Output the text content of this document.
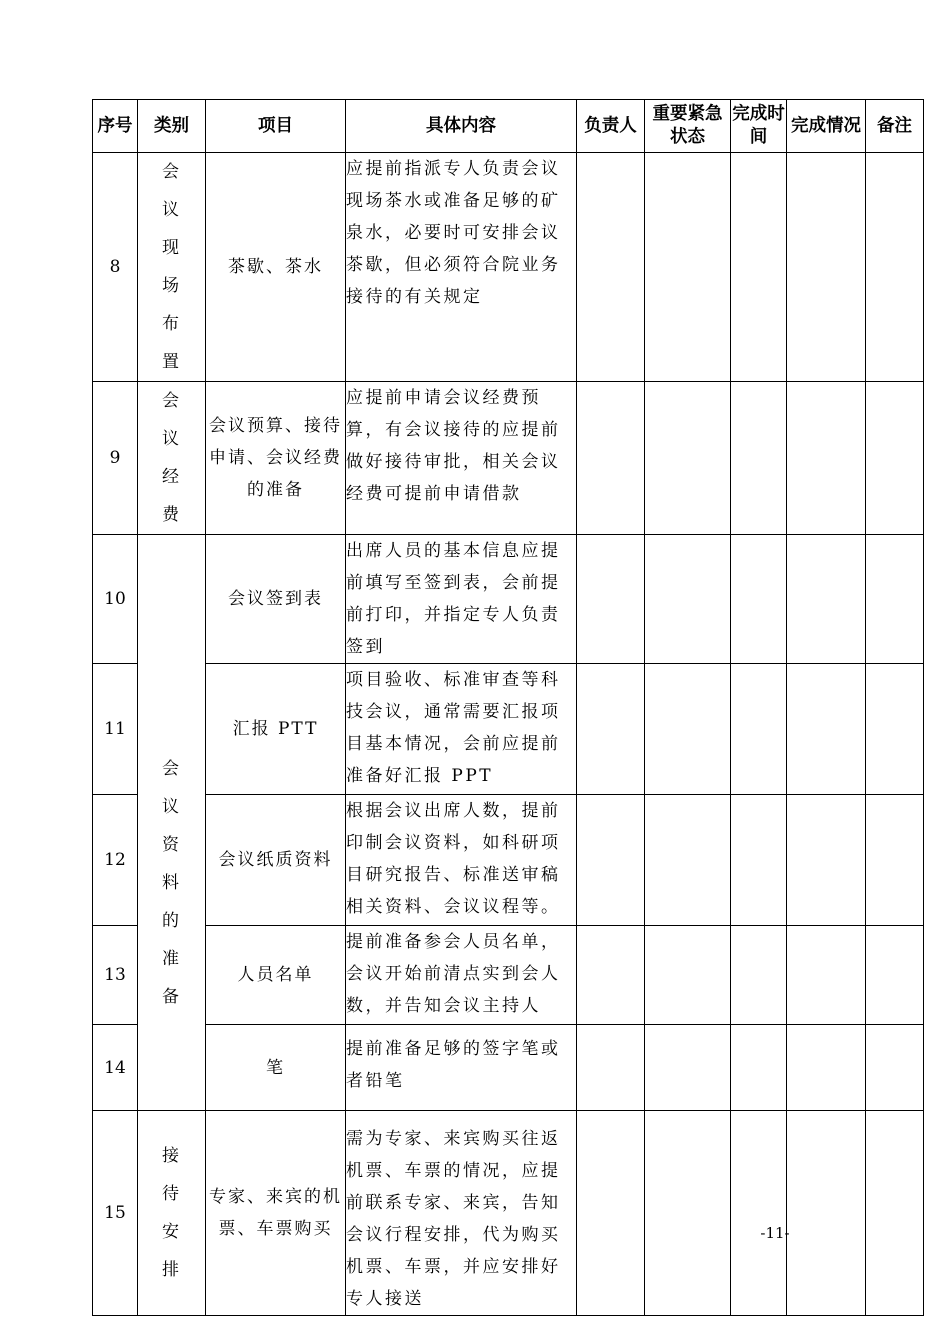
序号	类别	项目	具体内容	负责人	重要紧急状态	完成时间	完成情况	备注
8	会议现场布置	茶歇、茶水	应提前指派专人负责会议现场茶水或准备足够的矿泉水，必要时可安排会议茶歇，但必须符合院业务接待的有关规定					
9	会议经费	会议预算、接待申请、会议经费的准备	应提前申请会议经费预算，有会议接待的应提前做好接待审批，相关会议经费可提前申请借款					
10	会议资料的准备	会议签到表	出席人员的基本信息应提前填写至签到表，会前提前打印，并指定专人负责签到					
11		汇报 PTT	项目验收、标准审查等科技会议，通常需要汇报项目基本情况，会前应提前准备好汇报 PPT					
12		会议纸质资料	根据会议出席人数，提前印制会议资料，如科研项目研究报告、标准送审稿相关资料、会议议程等。					
13		人员名单	提前准备参会人员名单，会议开始前清点实到会人数，并告知会议主持人					
14		笔	提前准备足够的签字笔或者铅笔					
15	接待安排	专家、来宾的机票、车票购买	需为专家、来宾购买往返机票、车票的情况，应提前联系专家、来宾，告知会议行程安排，代为购买机票、车票，并应安排好专人接送					
-11-
